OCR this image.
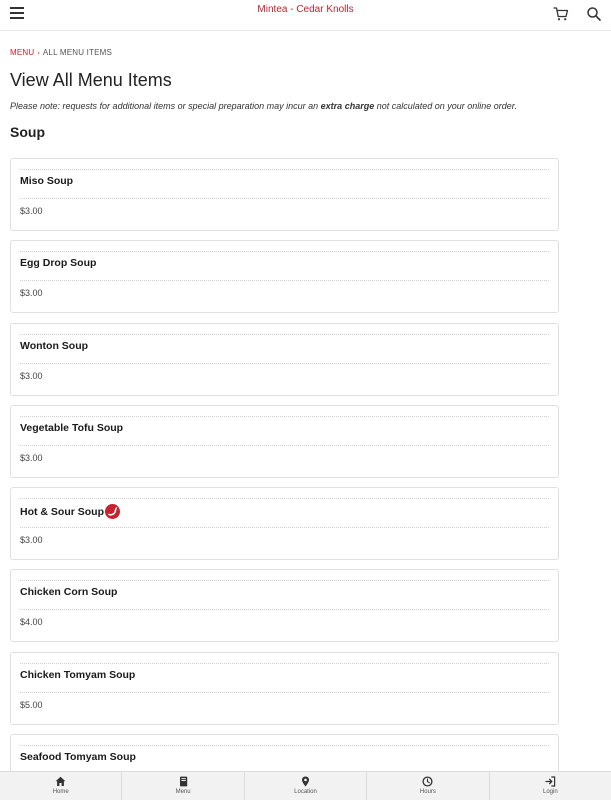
Mintea - Cedar Knolls
MENU › ALL MENU ITEMS
View All Menu Items

Please note: requests for additional items or special preparation may incur an extra charge not calculated on your online order.

Soup
Miso Soup
$3.00
Egg Drop Soup
$3.00
Wonton Soup
$3.00
Vegetable Tofu Soup
$3.00
Hot & Sour Soup
$3.00
Chicken Corn Soup
$4.00
Chicken Tomyam Soup
$5.00
Seafood Tomyam Soup
Home	Menu	Location	Hours	Login
